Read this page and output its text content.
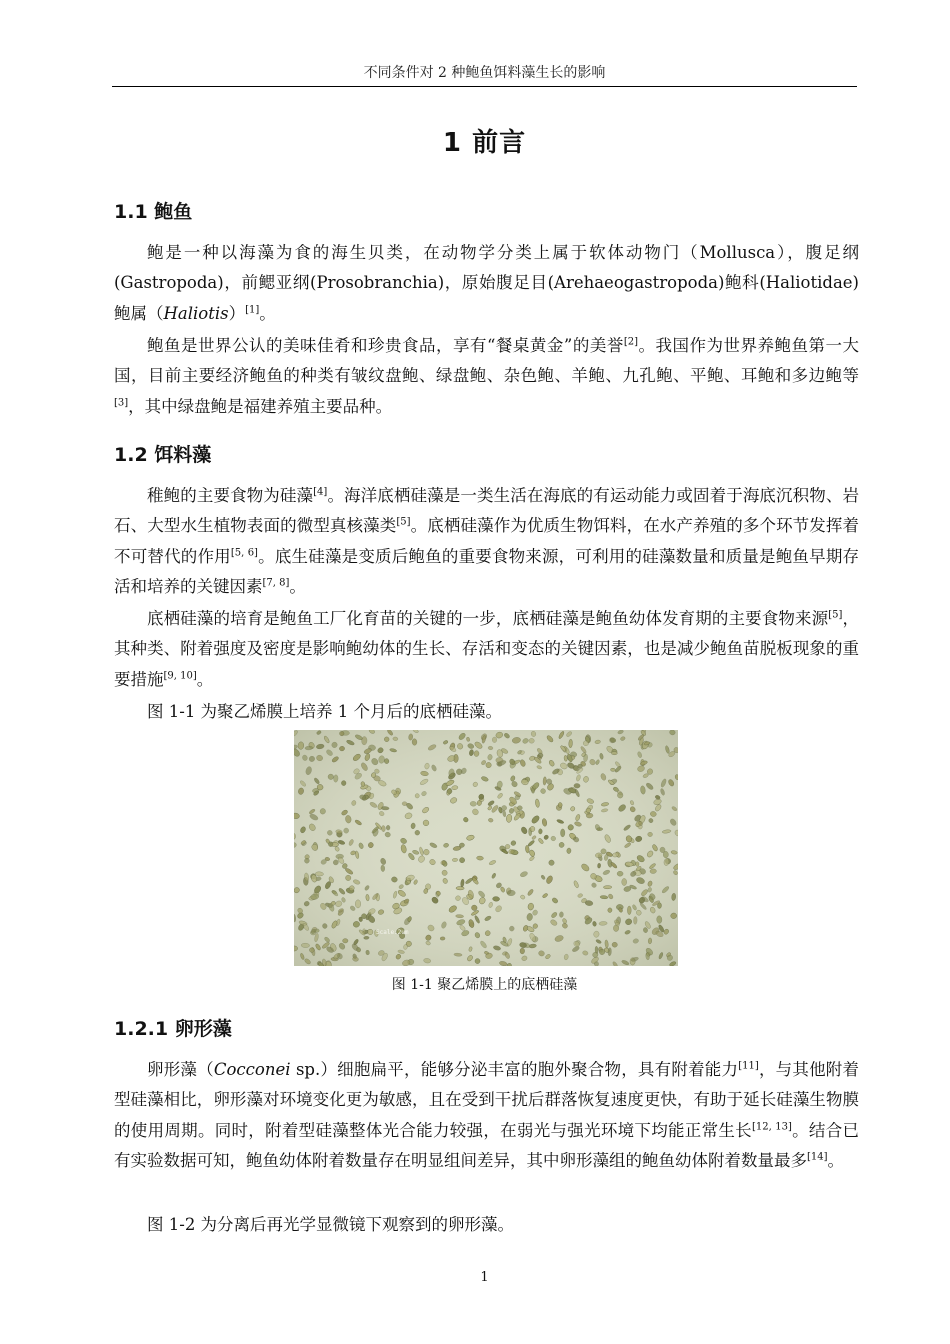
不同条件对 2 种鲍鱼饵料藻生长的影响
1 前言
1.1 鲍鱼
鲍是一种以海藻为食的海生贝类，在动物学分类上属于软体动物门（Mollusca），腹足纲(Gastropoda)，前鳃亚纲(Prosobranchia)，原始腹足目(Arehaeogastropoda)鲍科(Haliotidae)鲍属（Haliotis）[1]。
鲍鱼是世界公认的美味佳肴和珍贵食品，享有“餐桌黄金”的美誉[2]。我国作为世界养鲍鱼第一大国，目前主要经济鲍鱼的种类有皱纹盘鲍、绿盘鲍、杂色鲍、羊鲍、九孔鲍、平鲍、耳鲍和多边鲍等[3]，其中绿盘鲍是福建养殖主要品种。
1.2 饵料藻
稚鲍的主要食物为硅藻[4]。海洋底栖硅藻是一类生活在海底的有运动能力或固着于海底沉积物、岩石、大型水生植物表面的微型真核藻类[5]。底栖硅藻作为优质生物饵料，在水产养殖的多个环节发挥着不可替代的作用[5, 6]。底生硅藻是变质后鲍鱼的重要食物来源，可利用的硅藻数量和质量是鲍鱼早期存活和培养的关键因素[7, 8]。
底栖硅藻的培育是鲍鱼工厂化育苗的关键的一步，底栖硅藻是鲍鱼幼体发育期的主要食物来源[5]，其种类、附着强度及密度是影响鲍幼体的生长、存活和变态的关键因素，也是减少鲍鱼苗脱板现象的重要措施[9, 10]。
图 1-1 为聚乙烯膜上培养 1 个月后的底栖硅藻。
Scale:2um
图 1-1 聚乙烯膜上的底栖硅藻
1.2.1 卵形藻
卵形藻（Cocconei sp.）细胞扁平，能够分泌丰富的胞外聚合物，具有附着能力[11]，与其他附着型硅藻相比，卵形藻对环境变化更为敏感，且在受到干扰后群落恢复速度更快，有助于延长硅藻生物膜的使用周期。同时，附着型硅藻整体光合能力较强，在弱光与强光环境下均能正常生长[12, 13]。结合已有实验数据可知，鲍鱼幼体附着数量存在明显组间差异，其中卵形藻组的鲍鱼幼体附着数量最多[14]。
图 1-2 为分离后再光学显微镜下观察到的卵形藻。
1
